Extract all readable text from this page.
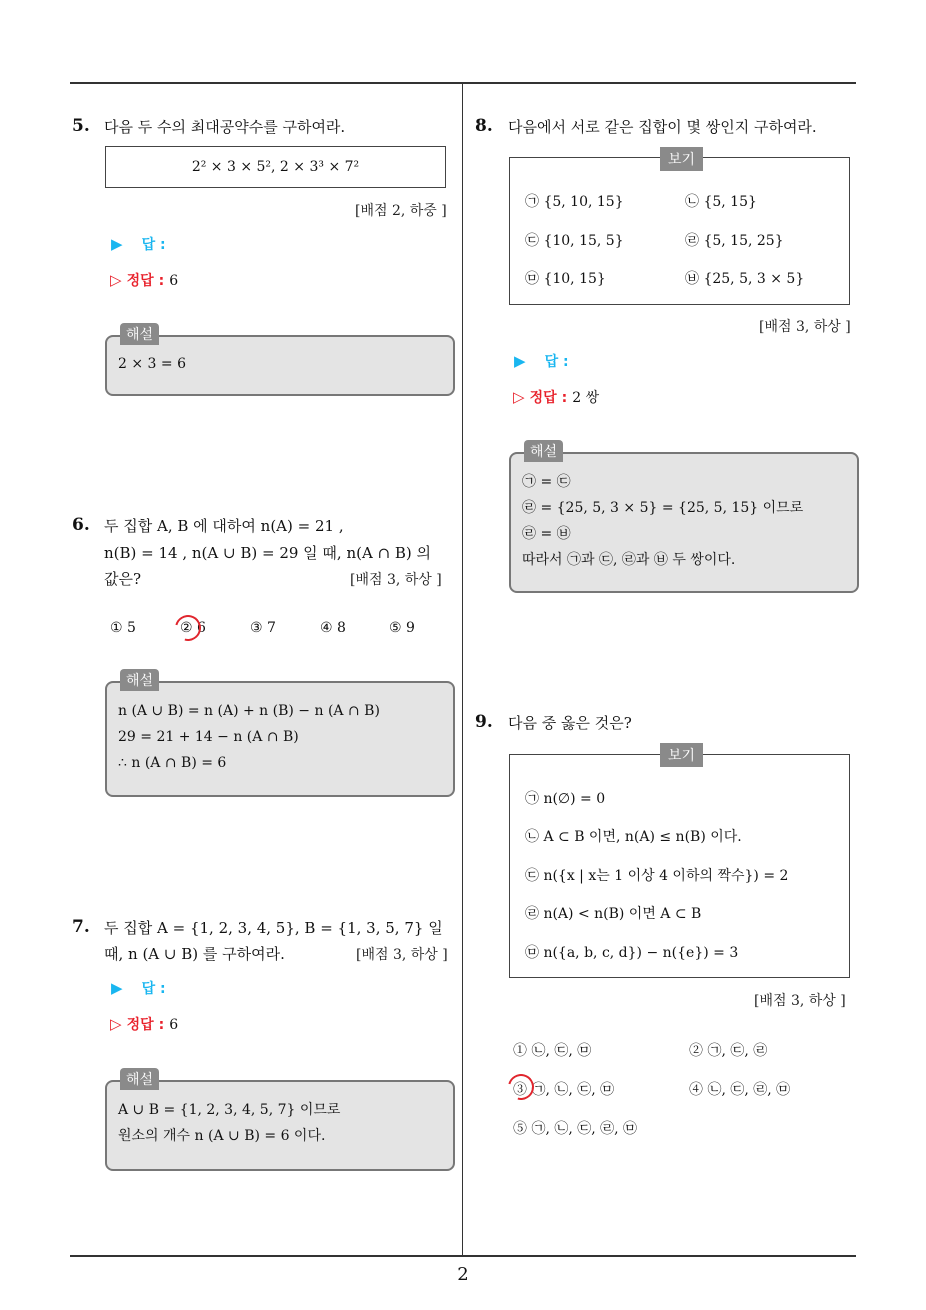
5. 다음 두 수의 최대공약수를 구하여라.
2² × 3 × 5², 2 × 3³ × 7²
[배점 2, 하중 ]
▶ 답 :
▷ 정답 : 6
해설
2 × 3 = 6
6. 두 집합 A, B 에 대하여 n(A) = 21 ,
n(B) = 14 , n(A ∪ B) = 29 일 때, n(A ∩ B) 의
값은?	[배점 3, 하상 ]
① 5	② 6	③ 7	④ 8	⑤ 9
해설
n (A ∪ B) = n (A) + n (B) − n (A ∩ B)
29 = 21 + 14 − n (A ∩ B)
∴ n (A ∩ B) = 6
7. 두 집합 A = {1, 2, 3, 4, 5}, B = {1, 3, 5, 7} 일
때, n (A ∪ B) 를 구하여라.	[배점 3, 하상 ]
▶ 답 :
▷ 정답 : 6
해설
A ∪ B = {1, 2, 3, 4, 5, 7} 이므로
원소의 개수 n (A ∪ B) = 6 이다.
8. 다음에서 서로 같은 집합이 몇 쌍인지 구하여라.
보기
㉠ {5, 10, 15}	㉡ {5, 15}
㉢ {10, 15, 5}	㉣ {5, 15, 25}
㉤ {10, 15}	㉥ {25, 5, 3 × 5}
[배점 3, 하상 ]
▶ 답 :
▷ 정답 : 2 쌍
해설
㉠ = ㉢
㉣ = {25, 5, 3 × 5} = {25, 5, 15} 이므로
㉣ = ㉥
따라서 ㉠과 ㉢, ㉣과 ㉥ 두 쌍이다.
9. 다음 중 옳은 것은?
보기
㉠ n(∅) = 0
㉡ A ⊂ B 이면, n(A) ≤ n(B) 이다.
㉢ n({x | x는 1 이상 4 이하의 짝수}) = 2
㉣ n(A) < n(B) 이면 A ⊂ B
㉤ n({a, b, c, d}) − n({e}) = 3
[배점 3, 하상 ]
① ㉡, ㉢, ㉤	② ㉠, ㉢, ㉣
③ ㉠, ㉡, ㉢, ㉤	④ ㉡, ㉢, ㉣, ㉤
⑤ ㉠, ㉡, ㉢, ㉣, ㉤
2
